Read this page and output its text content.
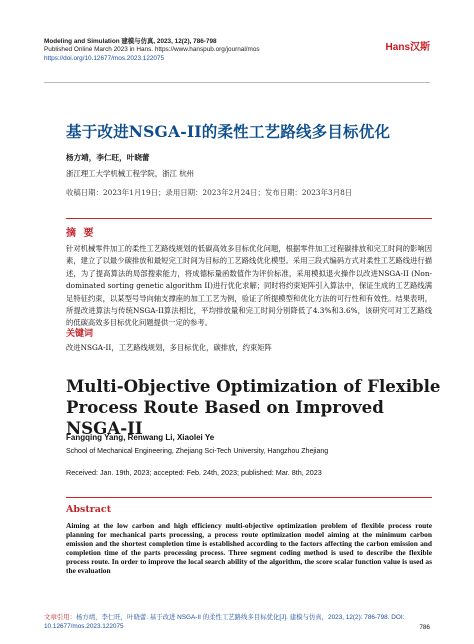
Modeling and Simulation 建模与仿真, 2023, 12(2), 786-798
Published Online March 2023 in Hans. https://www.hanspub.org/journal/mos
https://doi.org/10.12677/mos.2023.122075
Hans汉斯
基于改进NSGA-II的柔性工艺路线多目标优化
杨方靖，李仁旺，叶晓蕾
浙江理工大学机械工程学院，浙江 杭州
收稿日期：2023年1月19日；录用日期：2023年2月24日；发布日期：2023年3月8日
摘 要
针对机械零件加工的柔性工艺路线规划的低碳高效多目标优化问题，根据零件加工过程碳排放和完工时间的影响因素，建立了以最少碳排放和最短完工时间为目标的工艺路线优化模型。采用三段式编码方式对柔性工艺路线进行描述，为了提高算法的局部搜索能力，将成德标量函数值作为评价标准，采用模拟退火操作以改进NSGA-II (Non-dominated sorting genetic algorithm II)进行优化求解；同时将约束矩阵引入算法中，保证生成的工艺路线满足特征约束，以某型号导向轴支撑座的加工工艺为例，验证了所提模型和优化方法的可行性和有效性。结果表明，所提改进算法与传统NSGA-II算法相比，平均排放量和完工时间分别降低了4.3%和3.6%，该研究可对工艺路线的低碳高效多目标优化问题提供一定的参考。
关键词
改进NSGA-II，工艺路线规划，多目标优化，碳排放，约束矩阵
Multi-Objective Optimization of Flexible Process Route Based on Improved NSGA-II
Fangqing Yang, Renwang Li, Xiaolei Ye
School of Mechanical Engineering, Zhejiang Sci-Tech University, Hangzhou Zhejiang
Received: Jan. 19th, 2023; accepted: Feb. 24th, 2023; published: Mar. 8th, 2023
Abstract
Aiming at the low carbon and high efficiency multi-objective optimization problem of flexible process route planning for mechanical parts processing, a process route optimization model aiming at the minimum carbon emission and the shortest completion time is established according to the factors affecting the carbon emission and completion time of the parts processing process. Three segment coding method is used to describe the flexible process route. In order to improve the local search ability of the algorithm, the score scalar function value is used as the evaluation
文章引用：杨方靖，李仁旺，叶晓蕾. 基于改进 NSGA-II 的柔性工艺路线多目标优化[J]. 建模与仿真，2023, 12(2): 786-798. DOI: 10.12677/mos.2023.122075	786
